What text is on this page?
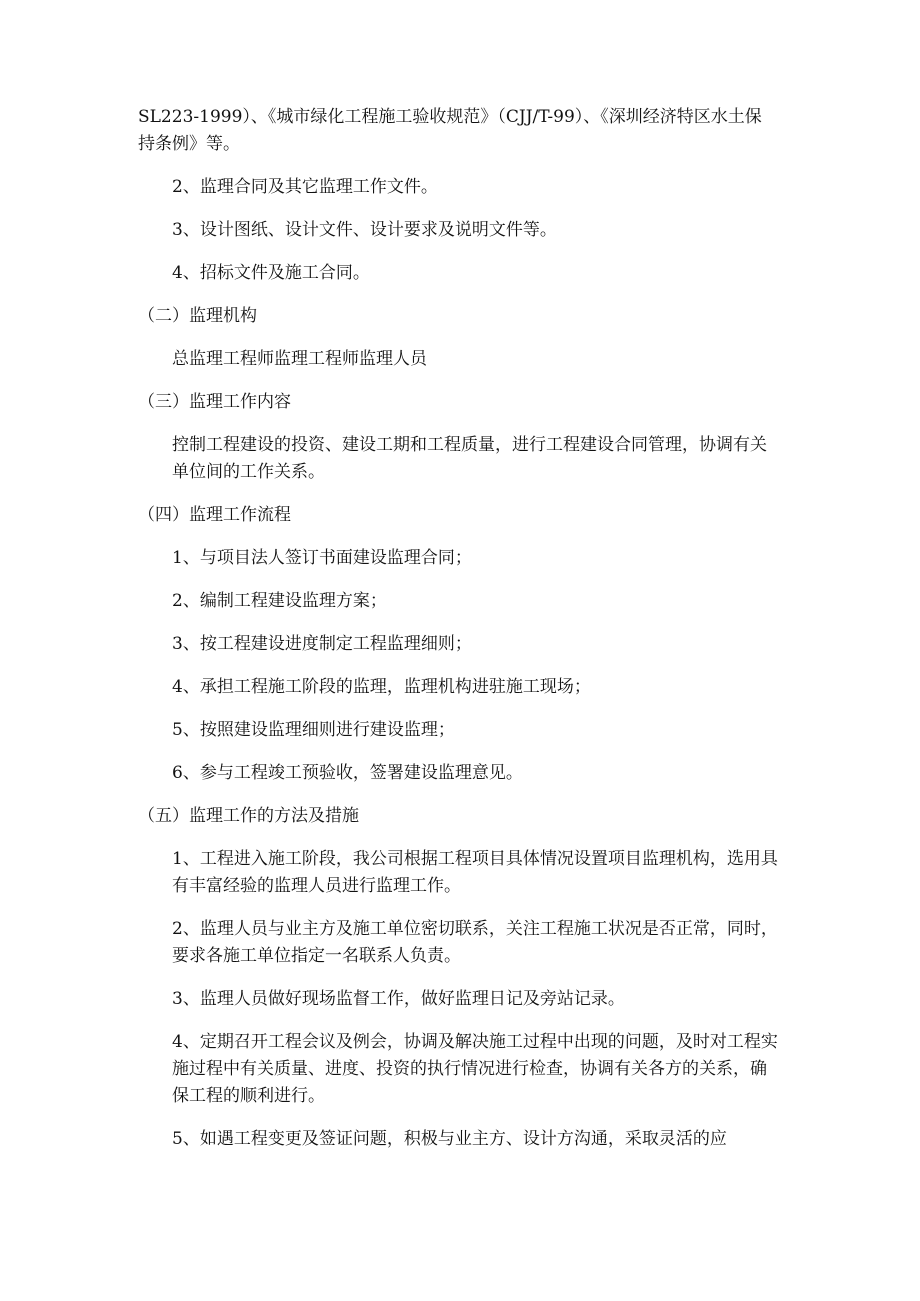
SL223-1999）、《城市绿化工程施工验收规范》（CJJ/T-99）、《深圳经济特区水土保持条例》等。

2、监理合同及其它监理工作文件。

3、设计图纸、设计文件、设计要求及说明文件等。

4、招标文件及施工合同。

（二）监理机构

总监理工程师监理工程师监理人员

（三）监理工作内容

控制工程建设的投资、建设工期和工程质量，进行工程建设合同管理，协调有关单位间的工作关系。

（四）监理工作流程

1、与项目法人签订书面建设监理合同；

2、编制工程建设监理方案；

3、按工程建设进度制定工程监理细则；

4、承担工程施工阶段的监理，监理机构进驻施工现场；

5、按照建设监理细则进行建设监理；

6、参与工程竣工预验收，签署建设监理意见。

（五）监理工作的方法及措施

1、工程进入施工阶段，我公司根据工程项目具体情况设置项目监理机构，选用具有丰富经验的监理人员进行监理工作。

2、监理人员与业主方及施工单位密切联系，关注工程施工状况是否正常，同时，要求各施工单位指定一名联系人负责。

3、监理人员做好现场监督工作，做好监理日记及旁站记录。

4、定期召开工程会议及例会，协调及解决施工过程中出现的问题，及时对工程实施过程中有关质量、进度、投资的执行情况进行检查，协调有关各方的关系，确保工程的顺利进行。

5、如遇工程变更及签证问题，积极与业主方、设计方沟通，采取灵活的应
